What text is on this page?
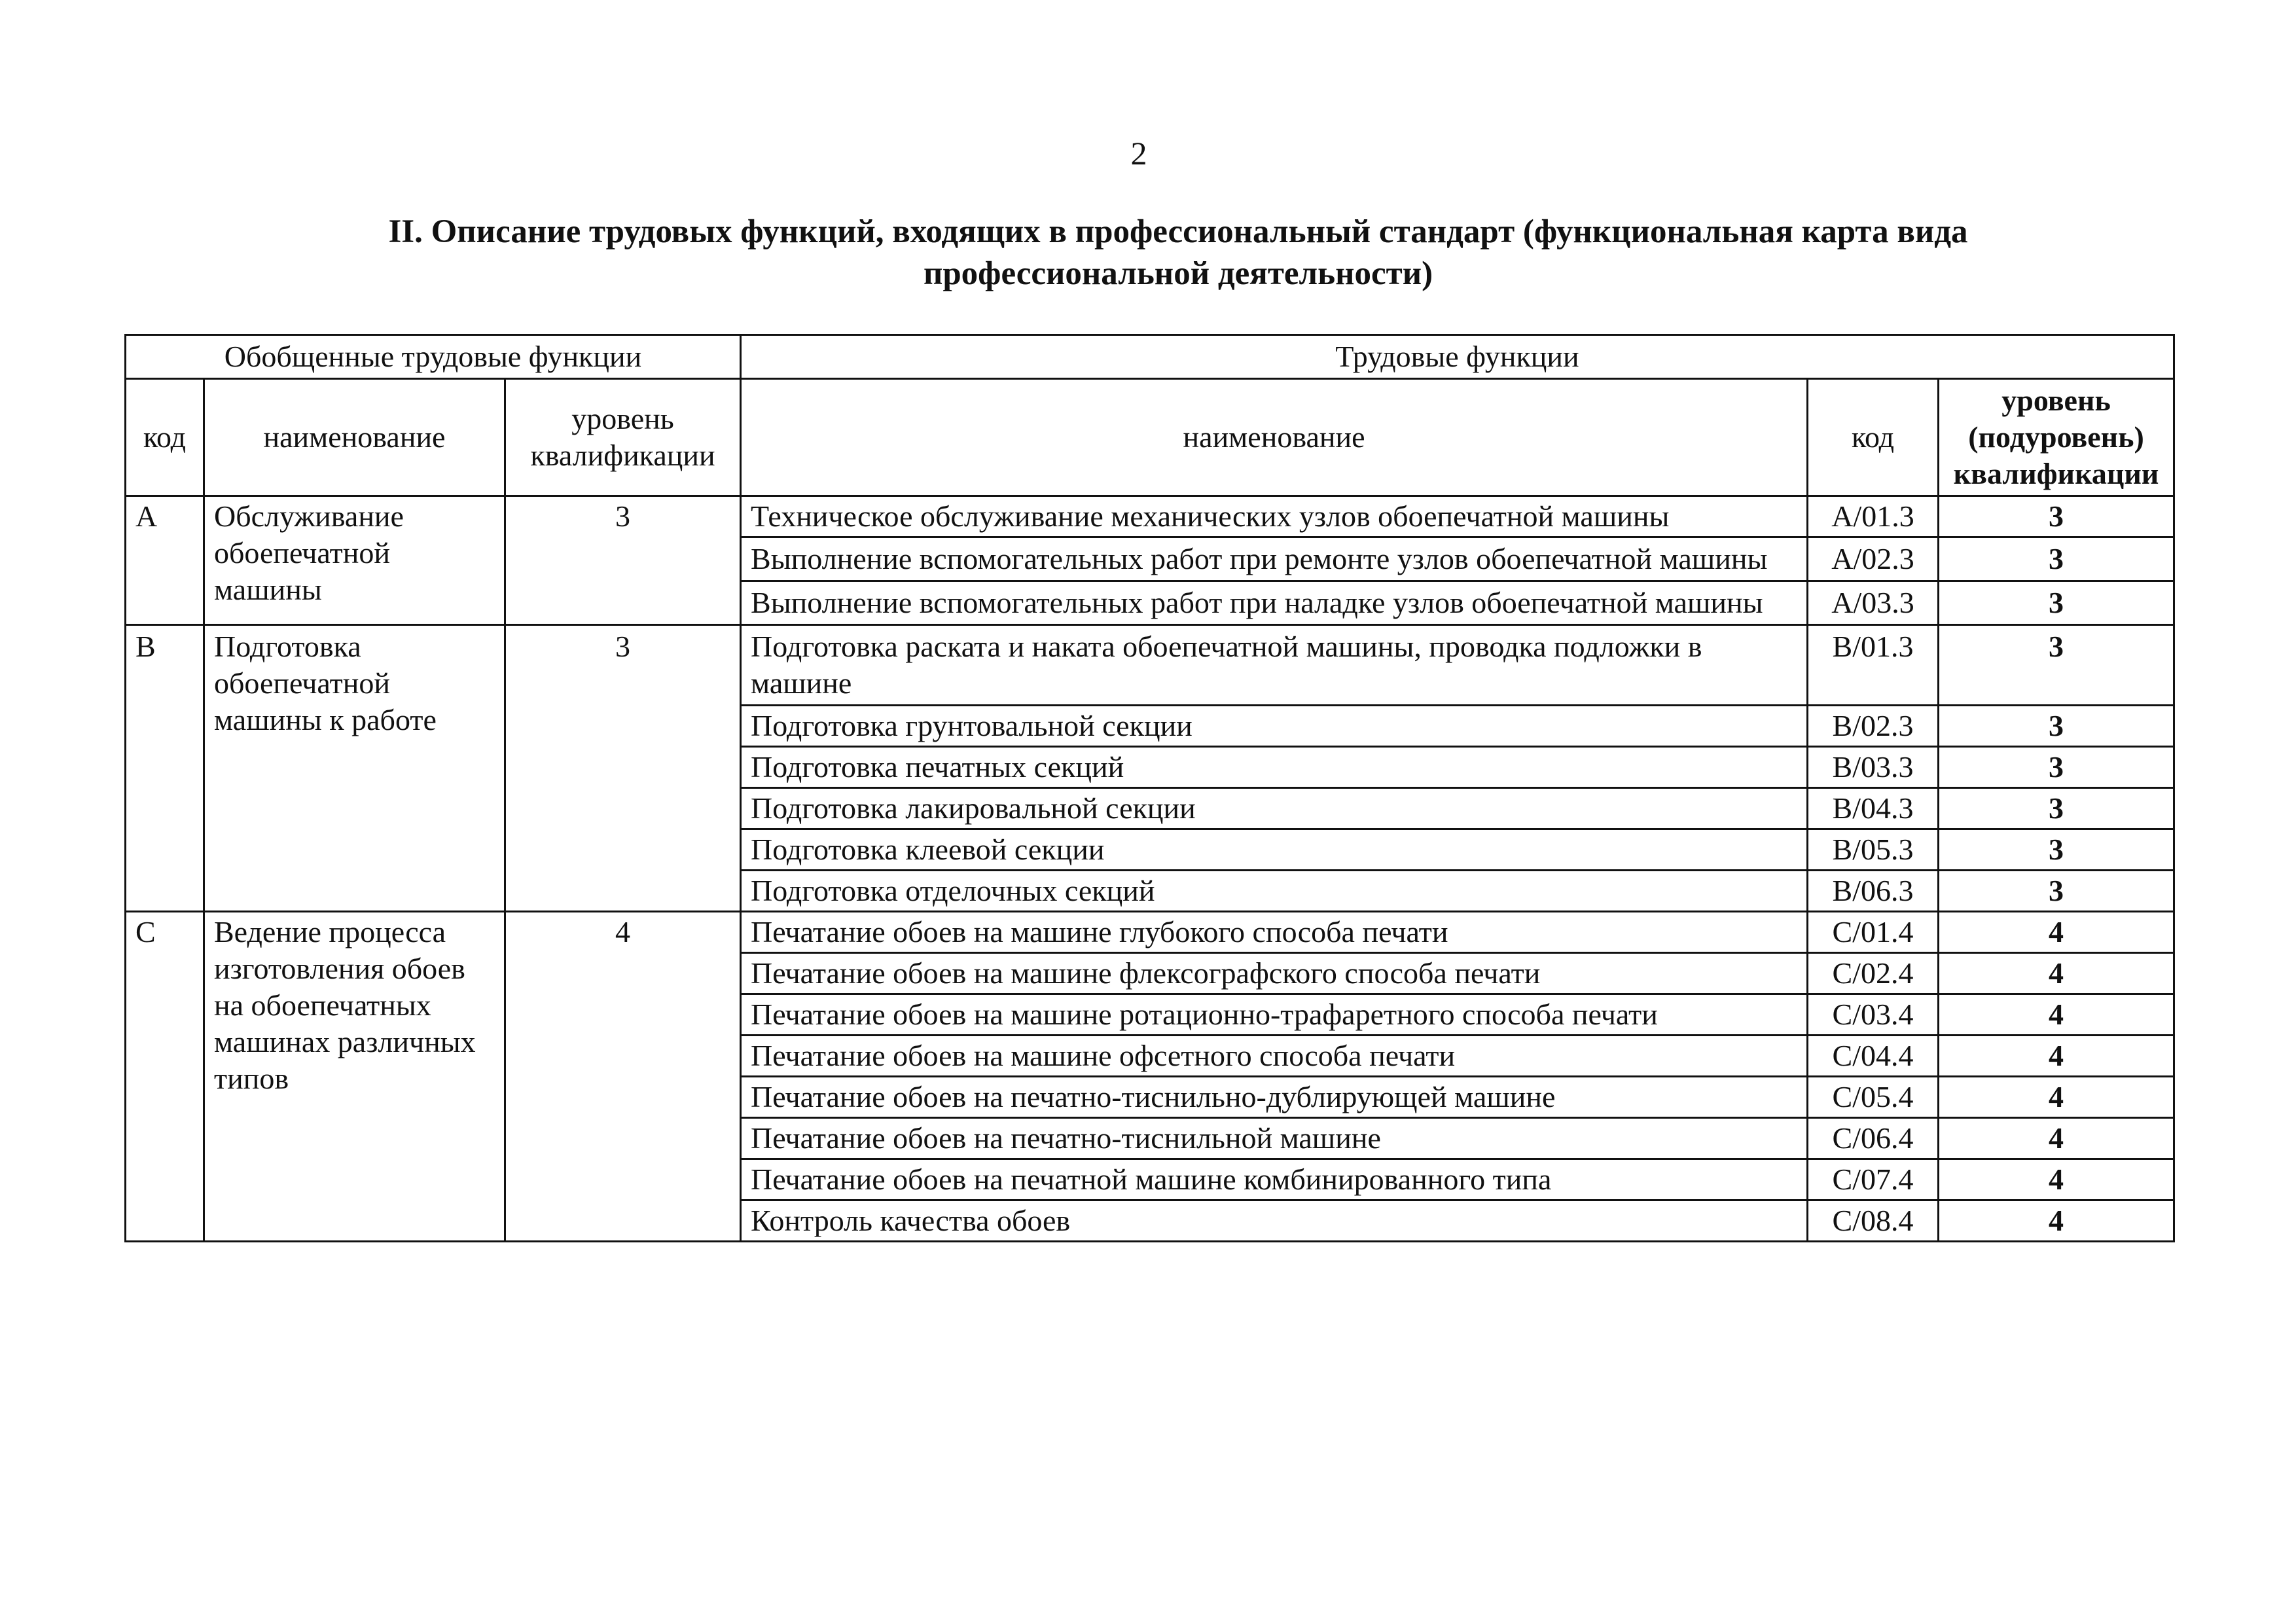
2
II. Описание трудовых функций, входящих в профессиональный стандарт (функциональная карта вида
профессиональной деятельности)
Обобщенные трудовые функции			Трудовые функции		
код	наименование	уровень квалификации	наименование	код	уровень (подуровень) квалификации
A	Обслуживание обоепечатной машины	3	Техническое обслуживание механических узлов обоепечатной машины	A/01.3	3
			Выполнение вспомогательных работ при ремонте узлов обоепечатной машины	A/02.3	3
			Выполнение вспомогательных работ при наладке узлов обоепечатной машины	A/03.3	3
B	Подготовка обоепечатной машины к работе	3	Подготовка раската и наката обоепечатной машины, проводка подложки в машине	B/01.3	3
			Подготовка грунтовальной секции	B/02.3	3
			Подготовка печатных секций	B/03.3	3
			Подготовка лакировальной секции	B/04.3	3
			Подготовка клеевой секции	B/05.3	3
			Подготовка отделочных секций	B/06.3	3
C	Ведение процесса изготовления обоев на обоепечатных машинах различных типов	4	Печатание обоев на машине глубокого способа печати	C/01.4	4
			Печатание обоев на машине флексографского способа печати	C/02.4	4
			Печатание обоев на машине ротационно-трафаретного способа печати	C/03.4	4
			Печатание обоев на машине офсетного способа печати	C/04.4	4
			Печатание обоев на печатно-тиснильно-дублирующей машине	C/05.4	4
			Печатание обоев на печатно-тиснильной машине	C/06.4	4
			Печатание обоев на печатной машине комбинированного типа	C/07.4	4
			Контроль качества обоев	C/08.4	4
